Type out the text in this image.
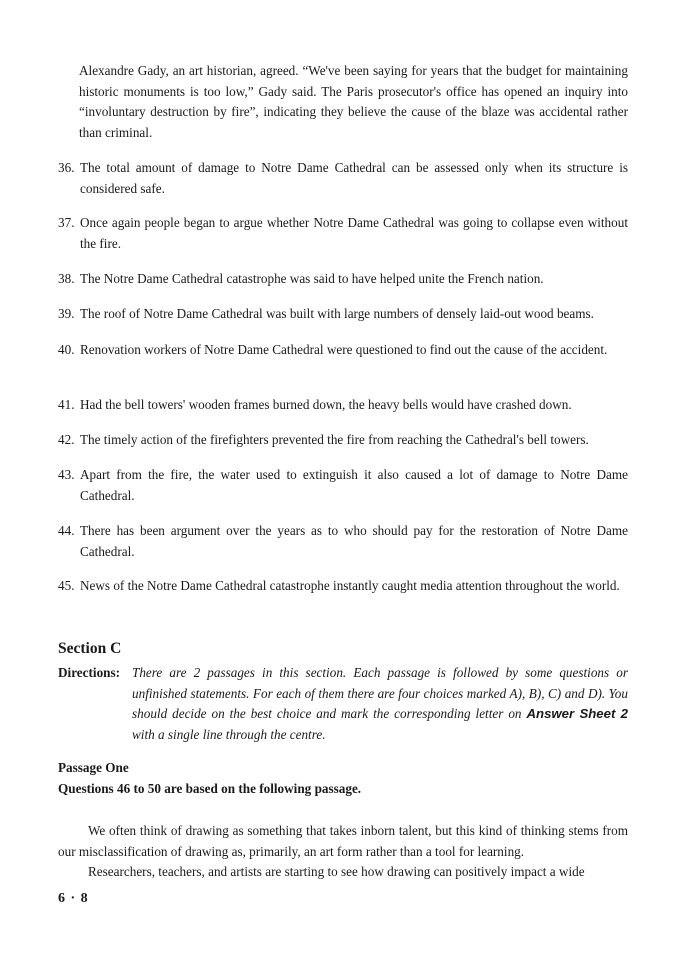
Alexandre Gady, an art historian, agreed. “We've been saying for years that the budget for maintaining historic monuments is too low,” Gady said. The Paris prosecutor's office has opened an inquiry into “involuntary destruction by fire”, indicating they believe the cause of the blaze was accidental rather than criminal.
36. The total amount of damage to Notre Dame Cathedral can be assessed only when its structure is considered safe.
37. Once again people began to argue whether Notre Dame Cathedral was going to collapse even without the fire.
38. The Notre Dame Cathedral catastrophe was said to have helped unite the French nation.
39. The roof of Notre Dame Cathedral was built with large numbers of densely laid-out wood beams.
40. Renovation workers of Notre Dame Cathedral were questioned to find out the cause of the accident.
41. Had the bell towers' wooden frames burned down, the heavy bells would have crashed down.
42. The timely action of the firefighters prevented the fire from reaching the Cathedral's bell towers.
43. Apart from the fire, the water used to extinguish it also caused a lot of damage to Notre Dame Cathedral.
44. There has been argument over the years as to who should pay for the restoration of Notre Dame Cathedral.
45. News of the Notre Dame Cathedral catastrophe instantly caught media attention throughout the world.
Section C
Directions: There are 2 passages in this section. Each passage is followed by some questions or unfinished statements. For each of them there are four choices marked A), B), C) and D). You should decide on the best choice and mark the corresponding letter on Answer Sheet 2 with a single line through the centre.
Passage One
Questions 46 to 50 are based on the following passage.
We often think of drawing as something that takes inborn talent, but this kind of thinking stems from our misclassification of drawing as, primarily, an art form rather than a tool for learning.
Researchers, teachers, and artists are starting to see how drawing can positively impact a wide
6 · 8
